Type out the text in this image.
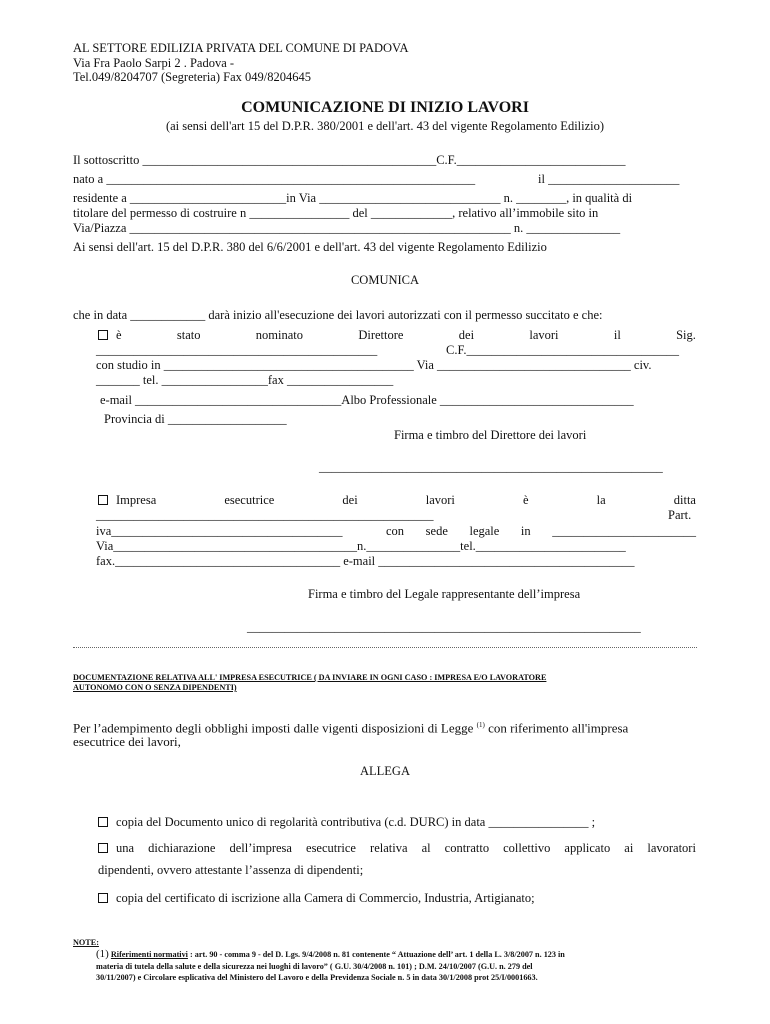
AL SETTORE EDILIZIA PRIVATA DEL COMUNE DI PADOVA
Via Fra Paolo Sarpi 2 . Padova -
Tel.049/8204707 (Segreteria) Fax 049/8204645
COMUNICAZIONE DI INIZIO LAVORI
(ai sensi dell'art 15 del D.P.R. 380/2001 e dell'art. 43 del vigente Regolamento Edilizio)
Il sottoscritto _______________________________________________C.F.___________________________
nato a ___________________________________________________________	il _____________________
residente a _________________________in Via _____________________________ n. ________, in qualità di
titolare del permesso di costruire n ________________ del _____________, relativo all’immobile sito in
Via/Piazza _____________________________________________________________ n. _______________
Ai sensi dell'art. 15 del D.P.R. 380 del 6/6/2001 e dell'art. 43 del vigente Regolamento Edilizio
COMUNICA
che in data ____________ darà inizio all'esecuzione dei lavori autorizzati con il permesso succitato e che:
è	stato	nominato	Direttore	dei	lavori	il	Sig.
_____________________________________________	C.F.__________________________________
con studio in ________________________________________ Via _______________________________ civ.
_______ tel. _________________fax _________________
e-mail _________________________________Albo Professionale _______________________________
Provincia di ___________________
Firma e timbro del Direttore dei lavori
_______________________________________________________
Impresa	esecutrice	dei	lavori	è	la	ditta
______________________________________________________	Part.
iva_____________________________________	con sede legale in _______________________
Via_______________________________________n._______________tel.________________________
fax.____________________________________ e-mail _________________________________________
Firma e timbro del Legale rappresentante dell’impresa
_______________________________________________________________
DOCUMENTAZIONE RELATIVA ALL' IMPRESA ESECUTRICE ( DA INVIARE IN OGNI CASO : IMPRESA E/O LAVORATORE
AUTONOMO CON O SENZA DIPENDENTI)
Per l’adempimento degli obblighi imposti dalle vigenti disposizioni di Legge $^{(1)}$ con riferimento all'impresa
esecutrice dei lavori,
ALLEGA
copia del Documento unico di regolarità contributiva (c.d. DURC) in data ________________ ;
una dichiarazione dell’impresa esecutrice relativa al contratto collettivo applicato ai lavoratori
dipendenti, ovvero attestante l’assenza di dipendenti;
copia del certificato di iscrizione alla Camera di Commercio, Industria, Artigianato;
NOTE:
(1) Riferimenti normativi : art. 90 - comma 9 - del D. Lgs. 9/4/2008 n. 81 contenente “ Attuazione dell’ art. 1 della L. 3/8/2007 n. 123 in
materia di tutela della salute e della sicurezza nei luoghi di lavoro” ( G.U. 30/4/2008 n. 101) ; D.M. 24/10/2007 (G.U. n. 279 del
30/11/2007) e Circolare esplicativa del Ministero del Lavoro e della Previdenza Sociale n. 5 in data 30/1/2008 prot 25/I/0001663.
